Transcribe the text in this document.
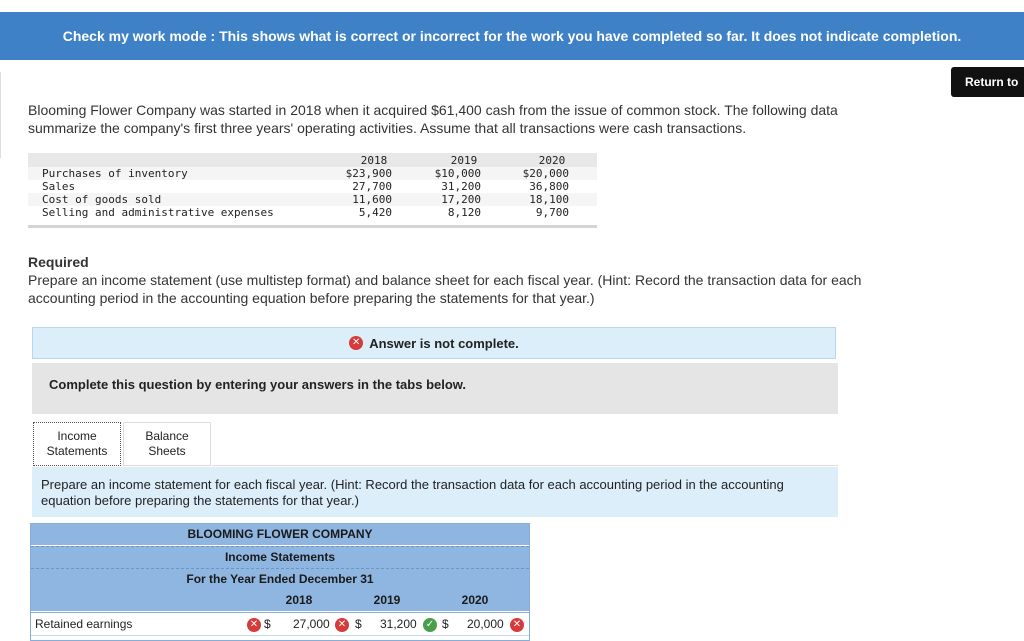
Check my work mode : This shows what is correct or incorrect for the work you have completed so far. It does not indicate completion.
Return to
Blooming Flower Company was started in 2018 when it acquired $61,400 cash from the issue of common stock. The following data summarize the company's first three years' operating activities. Assume that all transactions were cash transactions.
2018	2019	2020
Purchases of inventory	$23,900	$10,000	$20,000
Sales	27,700	31,200	36,800
Cost of goods sold	11,600	17,200	18,100
Selling and administrative expenses	5,420	8,120	9,700
Required
Prepare an income statement (use multistep format) and balance sheet for each fiscal year. (Hint: Record the transaction data for each accounting period in the accounting equation before preparing the statements for that year.)
✕ Answer is not complete.
Complete this question by entering your answers in the tabs below.
Income
Statements
Balance
Sheets
Prepare an income statement for each fiscal year. (Hint: Record the transaction data for each accounting period in the accounting equation before preparing the statements for that year.)
BLOOMING FLOWER COMPANY
Income Statements
For the Year Ended December 31
2018	2019	2020
Retained earnings	✕ $ 27,000 ✕ $ 31,200 ✓ $ 20,000 ✕
